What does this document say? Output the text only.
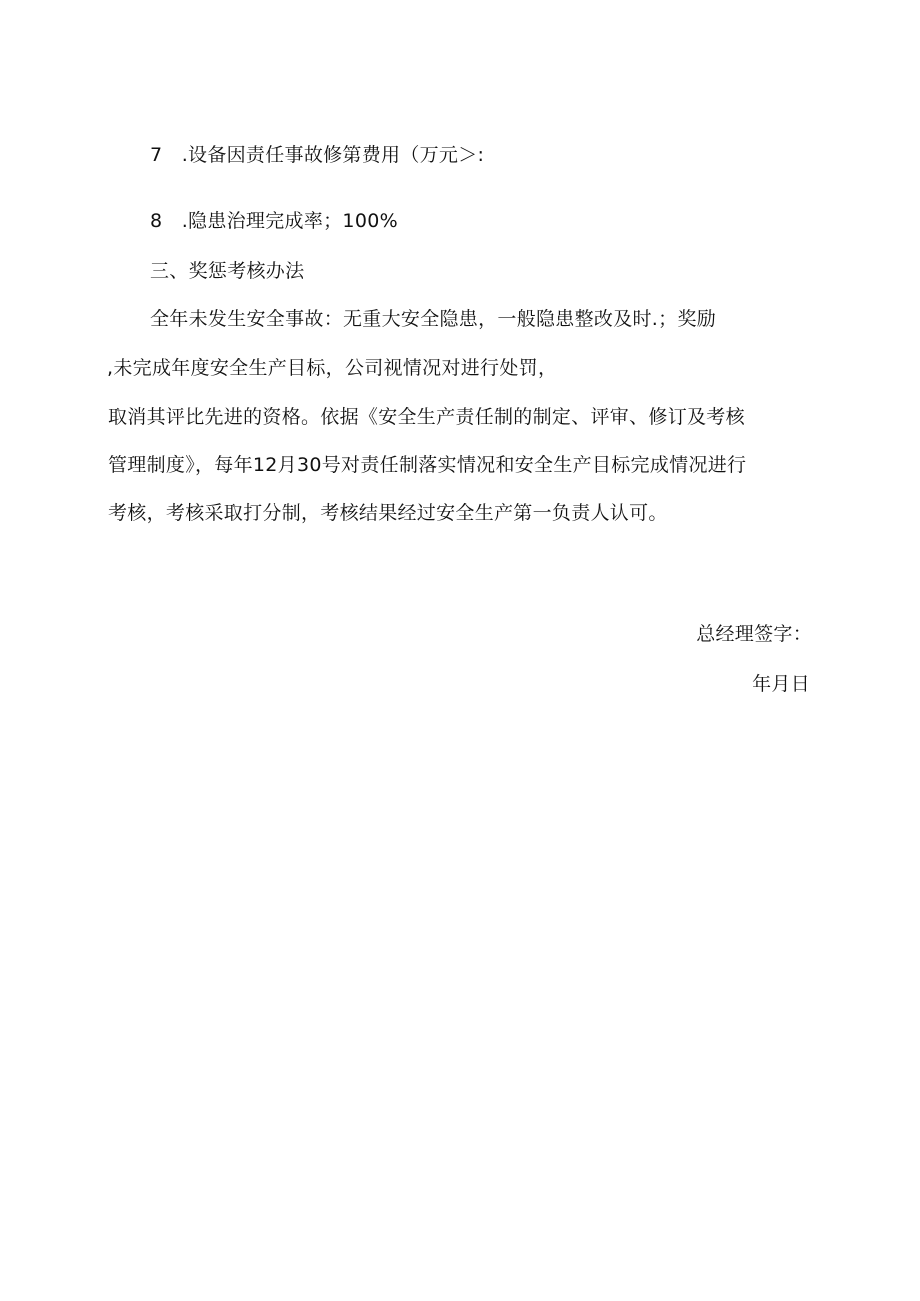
7　.设备因责任事故修第费用（万元＞:
8　.隐患治理完成率；100%
三、奖惩考核办法
全年未发生安全事故：无重大安全隐患，一般隐患整改及时.；奖励
,未完成年度安全生产目标，公司视情况对进行处罚，
取消其评比先进的资格。依据《安全生产责任制的制定、评审、修订及考核
管理制度》，每年12月30号对责任制落实情况和安全生产目标完成情况进行
考核，考核采取打分制，考核结果经过安全生产第一负责人认可。
总经理签字：
年月日
